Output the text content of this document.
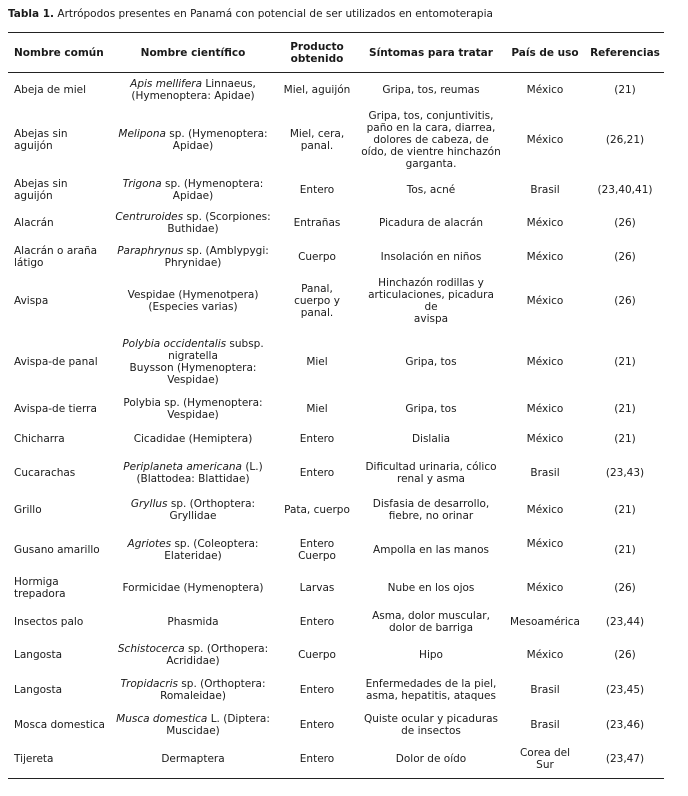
Tabla 1. Artrópodos presentes en Panamá con potencial de ser utilizados en entomoterapia
Nombre común	Nombre científico	Producto
obtenido	Síntomas para tratar	País de uso	Referencias

Abeja de miel	Apis mellifera Linnaeus,
(Hymenoptera: Apidae)	Miel, aguijón	Gripa, tos, reumas	México	(21)

Abejas sin
aguijón	Melipona sp. (Hymenoptera:
Apidae)	Miel, cera,
panal.	Gripa, tos, conjuntivitis,
paño en la cara, diarrea,
dolores de cabeza, de
oído, de vientre hinchazón
garganta.	México	(26,21)

Abejas sin
aguijón	Trigona sp. (Hymenoptera:
Apidae)	Entero	Tos, acné	Brasil	(23,40,41)

Alacrán	Centruroides sp. (Scorpiones:
Buthidae)	Entrañas	Picadura de alacrán	México	(26)

Alacrán o araña
látigo	Paraphrynus sp. (Amblypygi:
Phrynidae)	Cuerpo	Insolación en niños	México	(26)

Avispa	Vespidae (Hymenotpera)
(Especies varias)	Panal,
cuerpo y
panal.	Hinchazón rodillas y
articulaciones, picadura de
avispa	México	(26)

Avispa-de panal	Polybia occidentalis subsp.
nigratella
Buysson (Hymenoptera:
Vespidae)	Miel	Gripa, tos	México	(21)

Avispa-de tierra	Polybia sp. (Hymenoptera:
Vespidae)	Miel	Gripa, tos	México	(21)

Chicharra	Cicadidae (Hemiptera)	Entero	Dislalia	México	(21)

Cucarachas	Periplaneta americana (L.)
(Blattodea: Blattidae)	Entero	Dificultad urinaria, cólico
renal y asma	Brasil	(23,43)

Grillo	Gryllus sp. (Orthoptera:
Gryllidae	Pata, cuerpo	Disfasia de desarrollo,
fiebre, no orinar	México	(21)

Gusano amarillo	Agriotes sp. (Coleoptera:
Elateridae)	Entero
Cuerpo	Ampolla en las manos	México	(21)

Hormiga
trepadora	Formicidae (Hymenoptera)	Larvas	Nube en los ojos	México	(26)

Insectos palo	Phasmida	Entero	Asma, dolor muscular,
dolor de barriga	Mesoamérica	(23,44)

Langosta	Schistocerca sp. (Orthopera:
Acrididae)	Cuerpo	Hipo	México	(26)

Langosta	Tropidacris sp. (Orthoptera:
Romaleidae)	Entero	Enfermedades de la piel,
asma, hepatitis, ataques	Brasil	(23,45)

Mosca domestica	Musca domestica L. (Diptera:
Muscidae)	Entero	Quiste ocular y picaduras
de insectos	Brasil	(23,46)

Tijereta	Dermaptera	Entero	Dolor de oído	Corea del
Sur	(23,47)
